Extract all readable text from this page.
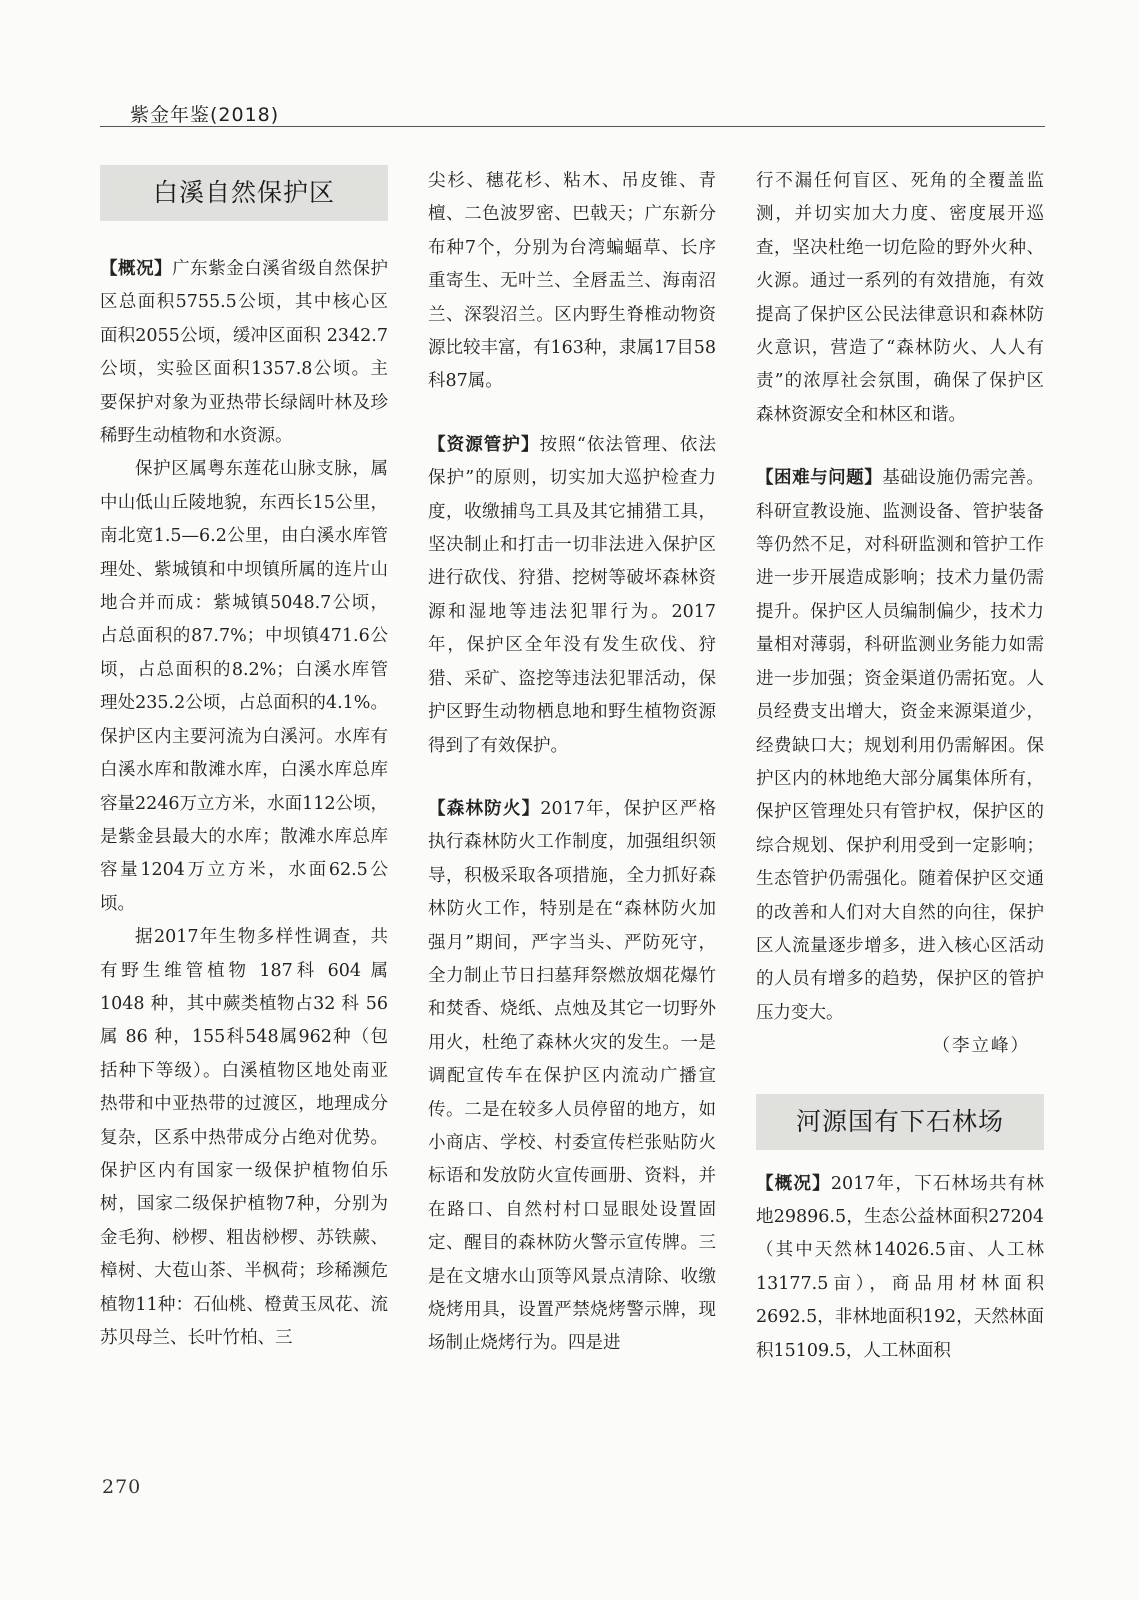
紫金年鉴(2018)
白溪自然保护区

【概况】广东紫金白溪省级自然保护区总面积5755.5公顷，其中核心区面积2055公顷，缓冲区面积 2342.7公顷，实验区面积1357.8公顷。主要保护对象为亚热带长绿阔叶林及珍稀野生动植物和水资源。

保护区属粤东莲花山脉支脉，属中山低山丘陵地貌，东西长15公里，南北宽1.5—6.2公里，由白溪水库管理处、紫城镇和中坝镇所属的连片山地合并而成：紫城镇5048.7公顷，占总面积的87.7%；中坝镇471.6公顷，占总面积的8.2%；白溪水库管理处235.2公顷，占总面积的4.1%。保护区内主要河流为白溪河。水库有白溪水库和散滩水库，白溪水库总库容量2246万立方米，水面112公顷，是紫金县最大的水库；散滩水库总库容量1204万立方米，水面62.5公顷。

据2017年生物多样性调查，共有野生维管植物 187科 604 属 1048 种，其中蕨类植物占32 科 56 属 86 种，155科548属962种（包括种下等级）。白溪植物区地处南亚热带和中亚热带的过渡区，地理成分复杂，区系中热带成分占绝对优势。保护区内有国家一级保护植物伯乐树，国家二级保护植物7种，分别为金毛狗、桫椤、粗齿桫椤、苏铁蕨、樟树、大苞山茶、半枫荷；珍稀濒危植物11种：石仙桃、橙黄玉凤花、流苏贝母兰、长叶竹柏、三

尖杉、穗花杉、粘木、吊皮锥、青檀、二色波罗密、巴戟天；广东新分布种7个，分别为台湾蝙蝠草、长序重寄生、无叶兰、全唇盂兰、海南沼兰、深裂沼兰。区内野生脊椎动物资源比较丰富，有163种，隶属17目58科87属。

【资源管护】按照“依法管理、依法保护”的原则，切实加大巡护检查力度，收缴捕鸟工具及其它捕猎工具，坚决制止和打击一切非法进入保护区进行砍伐、狩猎、挖树等破坏森林资源和湿地等违法犯罪行为。2017年，保护区全年没有发生砍伐、狩猎、采矿、盗挖等违法犯罪活动，保护区野生动物栖息地和野生植物资源得到了有效保护。

【森林防火】2017年，保护区严格执行森林防火工作制度，加强组织领导，积极采取各项措施，全力抓好森林防火工作，特别是在“森林防火加强月”期间，严字当头、严防死守，全力制止节日扫墓拜祭燃放烟花爆竹和焚香、烧纸、点烛及其它一切野外用火，杜绝了森林火灾的发生。一是调配宣传车在保护区内流动广播宣传。二是在较多人员停留的地方，如小商店、学校、村委宣传栏张贴防火标语和发放防火宣传画册、资料，并在路口、自然村村口显眼处设置固定、醒目的森林防火警示宣传牌。三是在文塘水山顶等风景点清除、收缴烧烤用具，设置严禁烧烤警示牌，现场制止烧烤行为。四是进

行不漏任何盲区、死角的全覆盖监测，并切实加大力度、密度展开巡查，坚决杜绝一切危险的野外火种、火源。通过一系列的有效措施，有效提高了保护区公民法律意识和森林防火意识，营造了“森林防火、人人有责”的浓厚社会氛围，确保了保护区森林资源安全和林区和谐。

【困难与问题】基础设施仍需完善。科研宣教设施、监测设备、管护装备等仍然不足，对科研监测和管护工作进一步开展造成影响；技术力量仍需提升。保护区人员编制偏少，技术力量相对薄弱，科研监测业务能力如需进一步加强；资金渠道仍需拓宽。人员经费支出增大，资金来源渠道少，经费缺口大；规划利用仍需解困。保护区内的林地绝大部分属集体所有，保护区管理处只有管护权，保护区的综合规划、保护利用受到一定影响；生态管护仍需强化。随着保护区交通的改善和人们对大自然的向往，保护区人流量逐步增多，进入核心区活动的人员有增多的趋势，保护区的管护压力变大。

（李立峰）

河源国有下石林场

【概况】2017年，下石林场共有林地29896.5，生态公益林面积27204（其中天然林14026.5亩、人工林13177.5亩），商品用材林面积2692.5，非林地面积192，天然林面积15109.5，人工林面积

270
